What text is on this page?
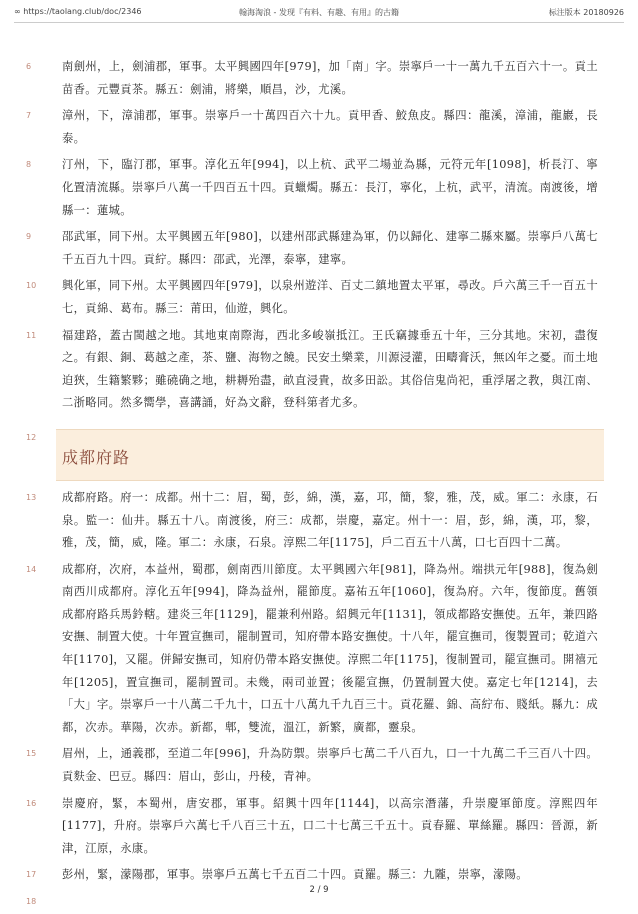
∞ https://taolang.club/doc/2346	翰海淘浪 - 发现『有料、有趣、有用』的古籍	标注版本 20180926
6	南劍州，上，劍浦郡，軍事。太平興國四年[979]，加「南」字。崇寧戶一十一萬九千五百六十一。貢土苗香。元豐貢茶。縣五：劍浦，將樂，順昌，沙，尤溪。
7	漳州，下，漳浦郡，軍事。崇寧戶一十萬四百六十九。貢甲香、鮫魚皮。縣四：龍溪，漳浦，龍巖，長泰。
8	汀州，下，臨汀郡，軍事。淳化五年[994]，以上杭、武平二場並為縣，元符元年[1098]，析長汀、寧化置清流縣。崇寧戶八萬一千四百五十四。貢蠟燭。縣五：長汀，寧化，上杭，武平，清流。南渡後，增縣一：蓮城。
9	邵武軍，同下州。太平興國五年[980]，以建州邵武縣建為軍，仍以歸化、建寧二縣來屬。崇寧戶八萬七千五百九十四。貢紵。縣四：邵武，光澤，泰寧，建寧。
10 興化軍，同下州。太平興國四年[979]，以泉州遊洋、百丈二鎮地置太平軍，尋改。戶六萬三千一百五十七，貢綿、葛布。縣三：莆田，仙遊，興化。
11 福建路，蓋古閩越之地。其地東南際海，西北多峻嶺抵江。王氏竊據垂五十年，三分其地。宋初，盡復之。有銀、銅、葛越之產，茶、鹽、海物之饒。民安土樂業，川源浸灌，田疇膏沃，無凶年之憂。而土地迫狹，生籍繁夥；雖磽确之地，耕耨殆盡，畝直浸貴，故多田訟。其俗信鬼尚祀，重浮屠之教，與江南、二浙略同。然多嚮學，喜講誦，好為文辭，登科第者尤多。
12
成都府路
13 成都府路。府一：成都。州十二：眉，蜀，彭，綿，漢，嘉，邛，簡，黎，雅，茂，威。軍二：永康，石泉。監一：仙井。縣五十八。南渡後，府三：成都，崇慶，嘉定。州十一：眉，彭，綿，漢，邛，黎，雅，茂，簡，威，隆。軍二：永康，石泉。淳熙二年[1175]，戶二百五十八萬，口七百四十二萬。
14 成都府，次府，本益州，蜀郡，劍南西川節度。太平興國六年[981]，降為州。端拱元年[988]，復為劍南西川成都府。淳化五年[994]，降為益州，罷節度。嘉祐五年[1060]，復為府。六年，復節度。舊領成都府路兵馬鈐轄。建炎三年[1129]，罷兼利州路。紹興元年[1131]，領成都路安撫使。五年，兼四路安撫、制置大使。十年置宣撫司，罷制置司，知府帶本路安撫使。十八年，罷宣撫司，復製置司；乾道六年[1170]，又罷。併歸安撫司，知府仍帶本路安撫使。淳熙二年[1175]，復制置司，罷宣撫司。開禧元年[1205]，置宣撫司，罷制置司。未幾，兩司並置；後罷宣撫，仍置制置大使。嘉定七年[1214]，去「大」字。崇寧戶一十八萬二千九十，口五十八萬九千九百三十。貢花羅、錦、高紵布、賤紙。縣九：成都，次赤。華陽，次赤。新都，郫，雙流，溫江，新繁，廣都，靈泉。
15 眉州，上，通義郡，至道二年[996]，升為防禦。崇寧戶七萬二千八百九，口一十九萬二千三百八十四。貢麩金、巴豆。縣四：眉山，彭山，丹稜，青神。
16 崇慶府，緊，本蜀州，唐安郡，軍事。紹興十四年[1144]，以高宗潛藩，升崇慶軍節度。淳熙四年[1177]，升府。崇寧戶六萬七千八百三十五，口二十七萬三千五十。貢春羅、單絲羅。縣四：晉源，新津，江原，永康。
17 彭州，緊，濛陽郡，軍事。崇寧戶五萬七千五百二十四。貢羅。縣三：九隴，崇寧，濛陽。
18
2 / 9
